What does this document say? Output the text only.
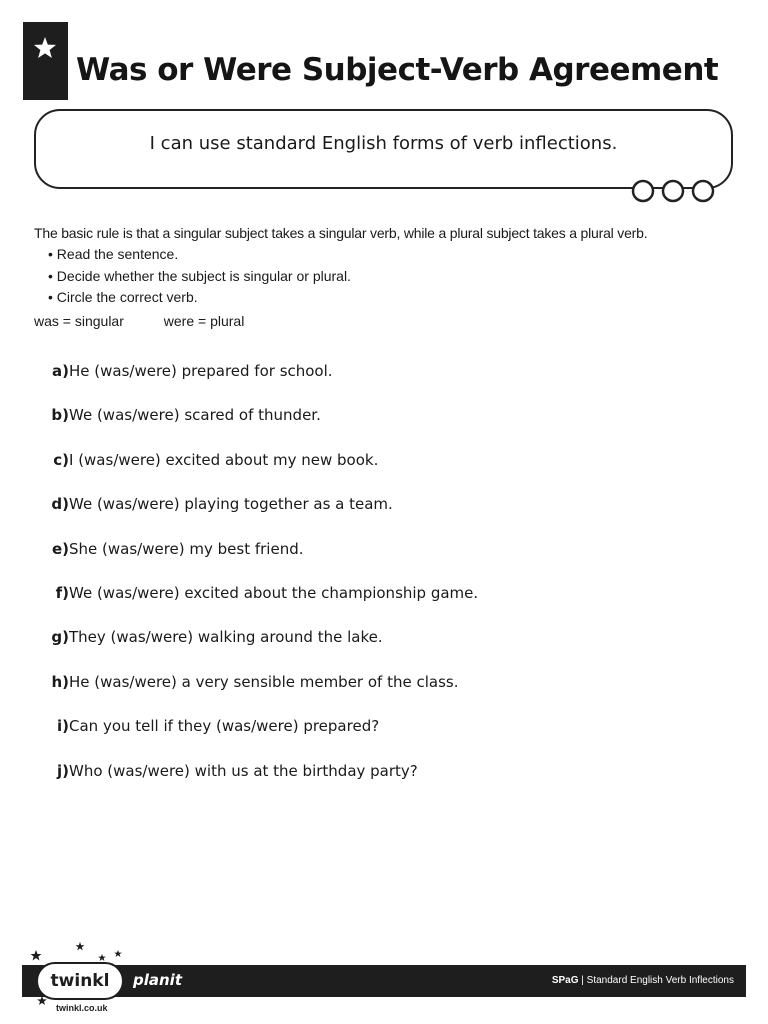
Was or Were Subject-Verb Agreement
I can use standard English forms of verb inflections.

The basic rule is that a singular subject takes a singular verb, while a plural subject takes a plural verb.

• Read the sentence.
• Decide whether the subject is singular or plural.
• Circle the correct verb.
was = singular	were = plural
a) He (was/were) prepared for school.
b) We (was/were) scared of thunder.
c) I (was/were) excited about my new book.
d) We (was/were) playing together as a team.
e) She (was/were) my best friend.
f) We (was/were) excited about the championship game.
g) They (was/were) walking around the lake.
h) He (was/were) a very sensible member of the class.
i) Can you tell if they (was/were) prepared?
j) Who (was/were) with us at the birthday party?
twinkl	planit
twinkl.co.uk
SPaG | Standard English Verb Inflections
